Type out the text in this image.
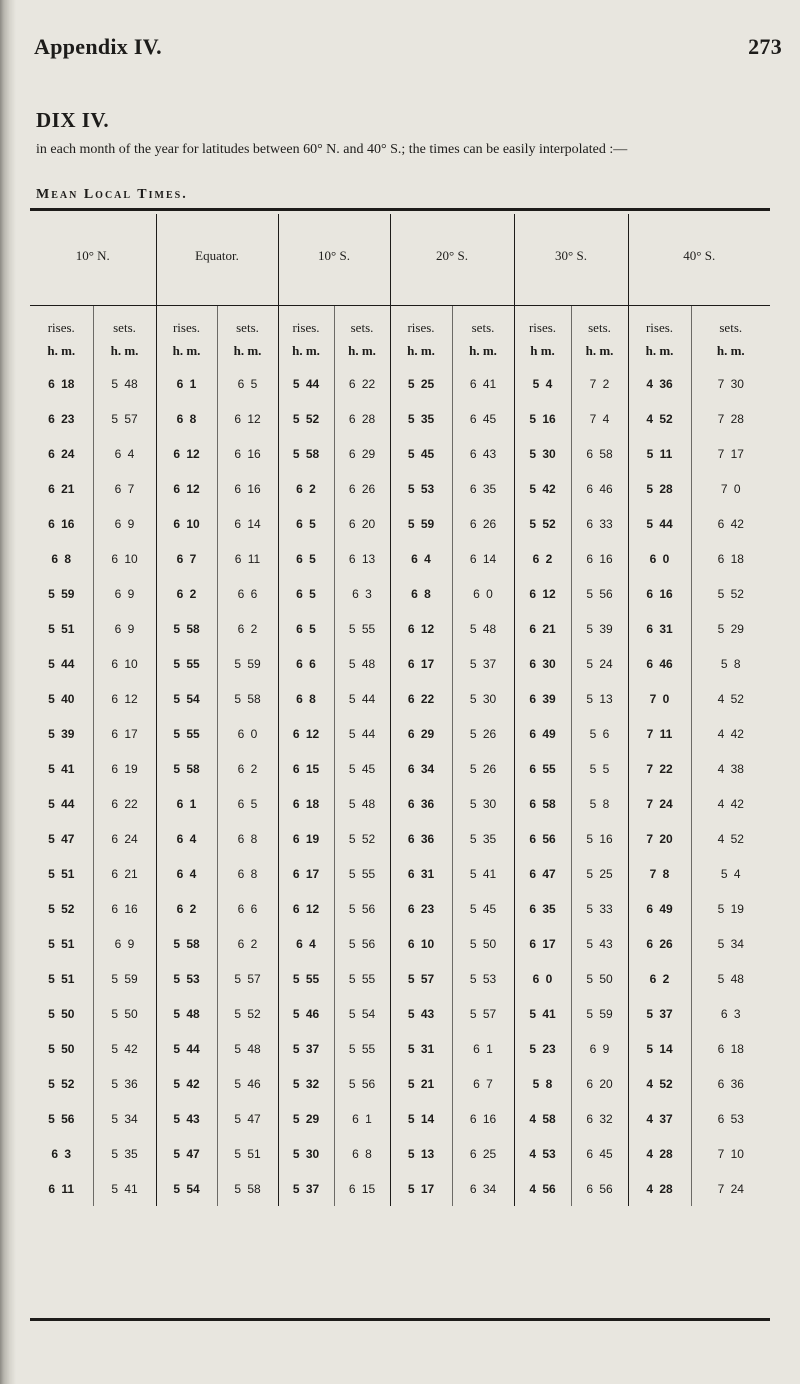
Appendix IV.	273
DIX IV.
in each month of the year for latitudes between 60° N. and 40° S.; the times can be easily interpolated :—
Mean Local Times.
10° N.		Equator.		10° S.		20° S.		30° S.		40° S.	
rises.	sets.	rises.	sets.	rises.	sets.	rises.	sets.	rises.	sets.	rises.	sets.
h. m.	h. m.	h. m.	h. m.	h. m.	h. m.	h. m.	h. m.	h m.	h. m.	h. m.	h. m.
6 18	5 48	6 1	6 5	5 44	6 22	5 25	6 41	5 4	7 2	4 36	7 30
6 23	5 57	6 8	6 12	5 52	6 28	5 35	6 45	5 16	7 4	4 52	7 28
6 24	6 4	6 12	6 16	5 58	6 29	5 45	6 43	5 30	6 58	5 11	7 17
6 21	6 7	6 12	6 16	6 2	6 26	5 53	6 35	5 42	6 46	5 28	7 0
6 16	6 9	6 10	6 14	6 5	6 20	5 59	6 26	5 52	6 33	5 44	6 42
6 8	6 10	6 7	6 11	6 5	6 13	6 4	6 14	6 2	6 16	6 0	6 18
5 59	6 9	6 2	6 6	6 5	6 3	6 8	6 0	6 12	5 56	6 16	5 52
5 51	6 9	5 58	6 2	6 5	5 55	6 12	5 48	6 21	5 39	6 31	5 29
5 44	6 10	5 55	5 59	6 6	5 48	6 17	5 37	6 30	5 24	6 46	5 8
5 40	6 12	5 54	5 58	6 8	5 44	6 22	5 30	6 39	5 13	7 0	4 52
5 39	6 17	5 55	6 0	6 12	5 44	6 29	5 26	6 49	5 6	7 11	4 42
5 41	6 19	5 58	6 2	6 15	5 45	6 34	5 26	6 55	5 5	7 22	4 38
5 44	6 22	6 1	6 5	6 18	5 48	6 36	5 30	6 58	5 8	7 24	4 42
5 47	6 24	6 4	6 8	6 19	5 52	6 36	5 35	6 56	5 16	7 20	4 52
5 51	6 21	6 4	6 8	6 17	5 55	6 31	5 41	6 47	5 25	7 8	5 4
5 52	6 16	6 2	6 6	6 12	5 56	6 23	5 45	6 35	5 33	6 49	5 19
5 51	6 9	5 58	6 2	6 4	5 56	6 10	5 50	6 17	5 43	6 26	5 34
5 51	5 59	5 53	5 57	5 55	5 55	5 57	5 53	6 0	5 50	6 2	5 48
5 50	5 50	5 48	5 52	5 46	5 54	5 43	5 57	5 41	5 59	5 37	6 3
5 50	5 42	5 44	5 48	5 37	5 55	5 31	6 1	5 23	6 9	5 14	6 18
5 52	5 36	5 42	5 46	5 32	5 56	5 21	6 7	5 8	6 20	4 52	6 36
5 56	5 34	5 43	5 47	5 29	6 1	5 14	6 16	4 58	6 32	4 37	6 53
6 3	5 35	5 47	5 51	5 30	6 8	5 13	6 25	4 53	6 45	4 28	7 10
6 11	5 41	5 54	5 58	5 37	6 15	5 17	6 34	4 56	6 56	4 28	7 24
